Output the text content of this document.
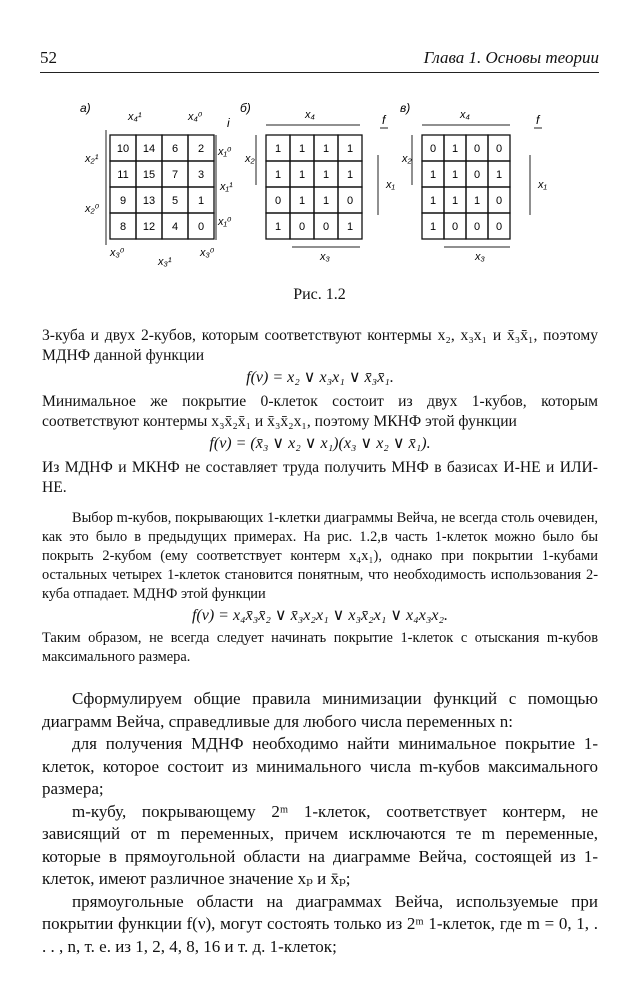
52	Глава 1. Основы теории
а)
10 14 6 2
11 15 7 3
9 13 5 1
8 12 4 0
x₄¹	x₄⁰
x₂¹
x₂⁰
x₁⁰
x₁¹
x₁⁰
x₃⁰
x₃¹
x₃⁰
i
б)
1 1 1 1
1 1 1 1
0 1 1 0
1 0 0 1
x₄
x₂
x₁
x₃
f
в)
0 1 0 0
1 1 0 1
1 1 1 0
1 0 0 0
x₄
x₂
x₁
x₃
f
Рис. 1.2

3-куба и двух 2-кубов, которым соответствуют контермы x₂, x₃x₁ и x̄₃x̄₁, поэтому МДНФ данной функции

f(ν) = x₂ ∨ x₃x₁ ∨ x̄₃x̄₁.

Минимальное же покрытие 0-клеток состоит из двух 1-кубов, которым соответствуют контермы x₃x̄₂x̄₁ и x̄₃x̄₂x₁, поэтому МКНФ этой функции

f(ν) = (x̄₃ ∨ x₂ ∨ x₁)(x₃ ∨ x₂ ∨ x̄₁).

Из МДНФ и МКНФ не составляет труда получить МНФ в базисах И-НЕ и ИЛИ-НЕ.

Выбор m-кубов, покрывающих 1-клетки диаграммы Вейча, не всегда столь очевиден, как это было в предыдущих примерах. На рис. 1.2,в часть 1-клеток можно было бы покрыть 2-кубом (ему соответствует контерм x₄x₁), однако при покрытии 1-кубами остальных четырех 1-клеток становится понятным, что необходимость использования 2-куба отпадает. МДНФ этой функции

f(ν) = x₄x̄₃x̄₂ ∨ x̄₃x₂x₁ ∨ x₃x̄₂x₁ ∨ x₄x₃x₂.

Таким образом, не всегда следует начинать покрытие 1-клеток с отыскания m-кубов максимального размера.

Сформулируем общие правила минимизации функций с помощью диаграмм Вейча, справедливые для любого числа переменных n:

для получения МДНФ необходимо найти минимальное покрытие 1-клеток, которое состоит из минимального числа m-кубов максимального размера;

m-кубу, покрывающему 2ᵐ 1-клеток, соответствует контерм, не зависящий от m переменных, причем исключаются те m переменные, которые в прямоугольной области на диаграмме Вейча, состоящей из 1-клеток, имеют различное значение xₚ и x̄ₚ;

прямоугольные области на диаграммах Вейча, используемые при покрытии функции f(ν), могут состоять только из 2ᵐ 1-клеток, где m = 0, 1, . . . , n, т. е. из 1, 2, 4, 8, 16 и т. д. 1-клеток;
